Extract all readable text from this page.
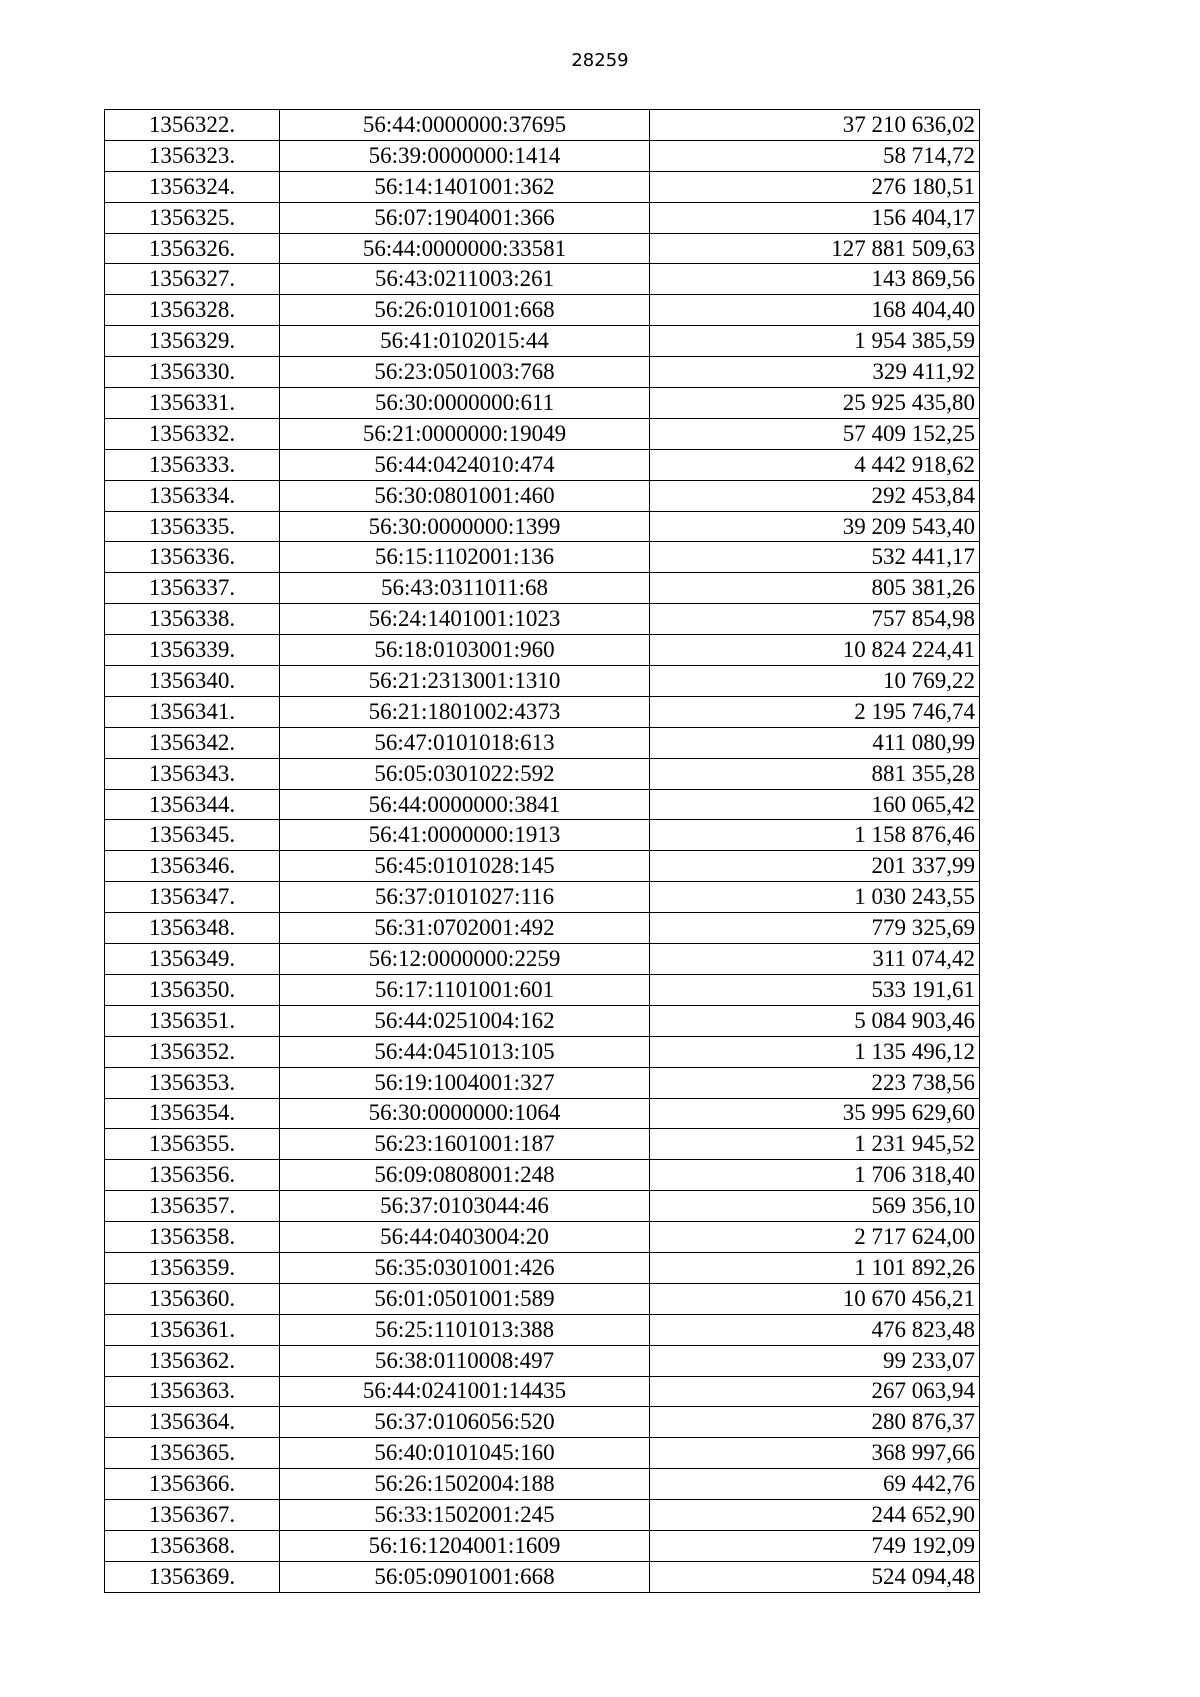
28259
1356322.	56:44:0000000:37695	37 210 636,02
1356323.	56:39:0000000:1414	58 714,72
1356324.	56:14:1401001:362	276 180,51
1356325.	56:07:1904001:366	156 404,17
1356326.	56:44:0000000:33581	127 881 509,63
1356327.	56:43:0211003:261	143 869,56
1356328.	56:26:0101001:668	168 404,40
1356329.	56:41:0102015:44	1 954 385,59
1356330.	56:23:0501003:768	329 411,92
1356331.	56:30:0000000:611	25 925 435,80
1356332.	56:21:0000000:19049	57 409 152,25
1356333.	56:44:0424010:474	4 442 918,62
1356334.	56:30:0801001:460	292 453,84
1356335.	56:30:0000000:1399	39 209 543,40
1356336.	56:15:1102001:136	532 441,17
1356337.	56:43:0311011:68	805 381,26
1356338.	56:24:1401001:1023	757 854,98
1356339.	56:18:0103001:960	10 824 224,41
1356340.	56:21:2313001:1310	10 769,22
1356341.	56:21:1801002:4373	2 195 746,74
1356342.	56:47:0101018:613	411 080,99
1356343.	56:05:0301022:592	881 355,28
1356344.	56:44:0000000:3841	160 065,42
1356345.	56:41:0000000:1913	1 158 876,46
1356346.	56:45:0101028:145	201 337,99
1356347.	56:37:0101027:116	1 030 243,55
1356348.	56:31:0702001:492	779 325,69
1356349.	56:12:0000000:2259	311 074,42
1356350.	56:17:1101001:601	533 191,61
1356351.	56:44:0251004:162	5 084 903,46
1356352.	56:44:0451013:105	1 135 496,12
1356353.	56:19:1004001:327	223 738,56
1356354.	56:30:0000000:1064	35 995 629,60
1356355.	56:23:1601001:187	1 231 945,52
1356356.	56:09:0808001:248	1 706 318,40
1356357.	56:37:0103044:46	569 356,10
1356358.	56:44:0403004:20	2 717 624,00
1356359.	56:35:0301001:426	1 101 892,26
1356360.	56:01:0501001:589	10 670 456,21
1356361.	56:25:1101013:388	476 823,48
1356362.	56:38:0110008:497	99 233,07
1356363.	56:44:0241001:14435	267 063,94
1356364.	56:37:0106056:520	280 876,37
1356365.	56:40:0101045:160	368 997,66
1356366.	56:26:1502004:188	69 442,76
1356367.	56:33:1502001:245	244 652,90
1356368.	56:16:1204001:1609	749 192,09
1356369.	56:05:0901001:668	524 094,48
